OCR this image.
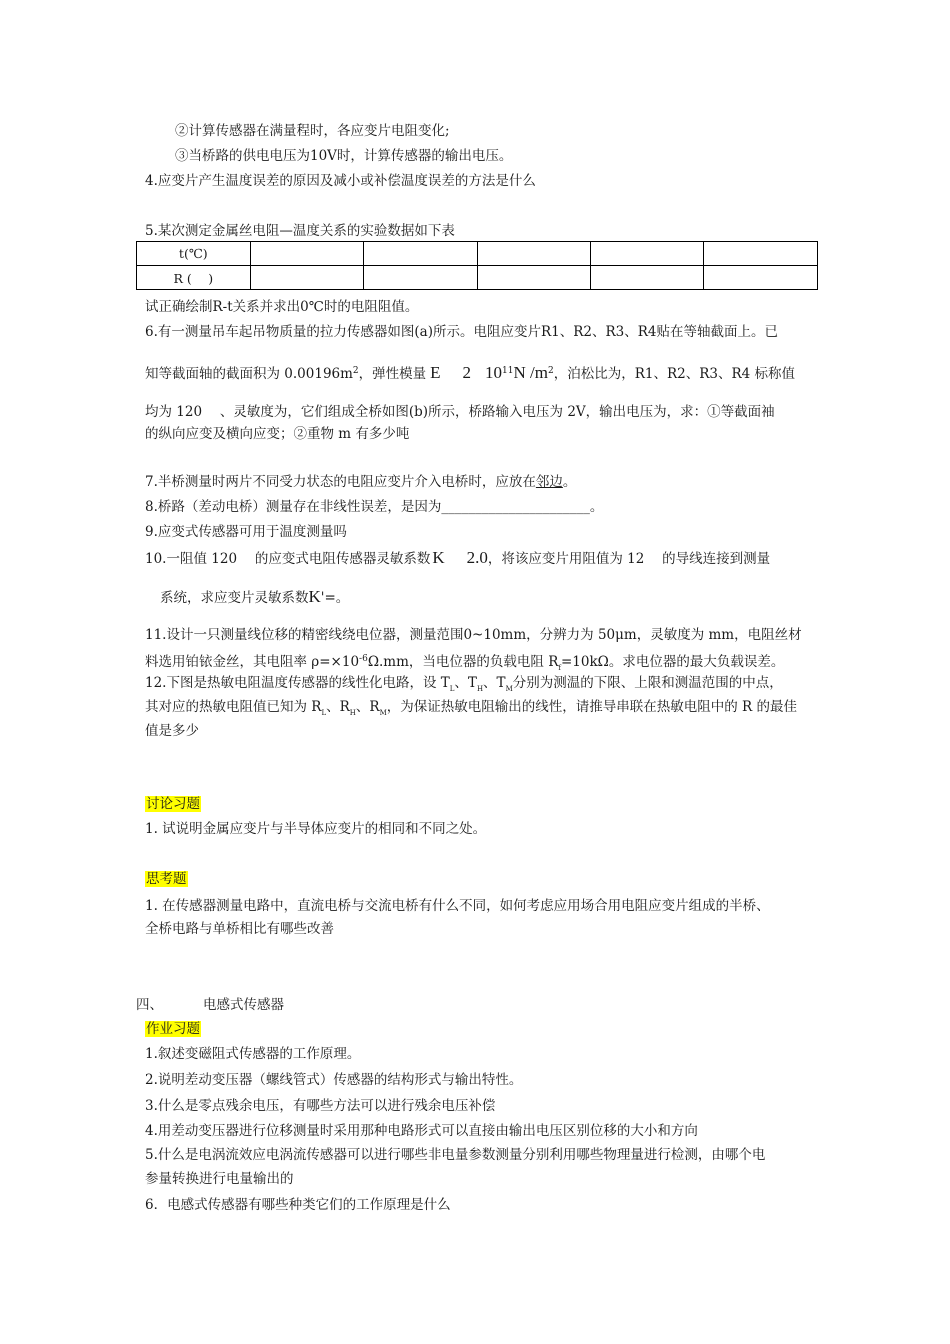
②计算传感器在满量程时，各应变片电阻变化;
③当桥路的供电电压为10V时，计算传感器的输出电压。
4.应变片产生温度误差的原因及减小或补偿温度误差的方法是什么
5.某次测定金属丝电阻—温度关系的实验数据如下表
t(℃)					
R (　 )					
试正确绘制R-t关系并求出0℃时的电阻阻值。
6.有一测量吊车起吊物质量的拉力传感器如图(a)所示。电阻应变片R1、R2、R3、R4贴在等轴截面上。已
知等截面轴的截面积为 $0.00196m^2$，弹性模量 E 2 $10^{11}N$ $/m^2$，泊松比为，R1、R2、R3、R4 标称值
均为 120　 、灵敏度为，它们组成全桥如图(b)所示，桥路输入电压为 2V，输出电压为，求：①等截面袖
的纵向应变及横向应变；②重物 m 有多少吨
7.半桥测量时两片不同受力状态的电阻应变片介入电桥时，应放在邻边。
8.桥路（差动电桥）测量存在非线性误差，是因为______________________。
9.应变式传感器可用于温度测量吗
10.一阻值 120　 的应变式电阻传感器灵敏系数 K 2.0，将该应变片用阻值为 12　 的导线连接到测量
系统，求应变片灵敏系数K'=。
11.设计一只测量线位移的精密线绕电位器，测量范围0~10mm，分辨力为 50μm，灵敏度为 mm，电阻丝材
料选用铂铱金丝，其电阻率 $\rho=\times 10^{-6}\Omega.mm$，当电位器的负载电阻 $R_f=10k\Omega$。求电位器的最大负载误差。
12.下图是热敏电阻温度传感器的线性化电路，设 $T_L$、$T_H$、$T_M$分别为测温的下限、上限和测温范围的中点，
其对应的热敏电阻值已知为 $R_L$、$R_H$、$R_M$，为保证热敏电阻输出的线性，请推导串联在热敏电阻中的 R 的最佳
值是多少
讨论习题
1. 试说明金属应变片与半导体应变片的相同和不同之处。
思考题
1. 在传感器测量电路中，直流电桥与交流电桥有什么不同，如何考虑应用场合用电阻应变片组成的半桥、
全桥电路与单桥相比有哪些改善
四、	电感式传感器
作业习题
1.叙述变磁阻式传感器的工作原理。
2.说明差动变压器（螺线管式）传感器的结构形式与输出特性。
3.什么是零点残余电压，有哪些方法可以进行残余电压补偿
4.用差动变压器进行位移测量时采用那种电路形式可以直接由输出电压区别位移的大小和方向
5.什么是电涡流效应电涡流传感器可以进行哪些非电量参数测量分别利用哪些物理量进行检测，由哪个电
参量转换进行电量输出的
6．电感式传感器有哪些种类它们的工作原理是什么
